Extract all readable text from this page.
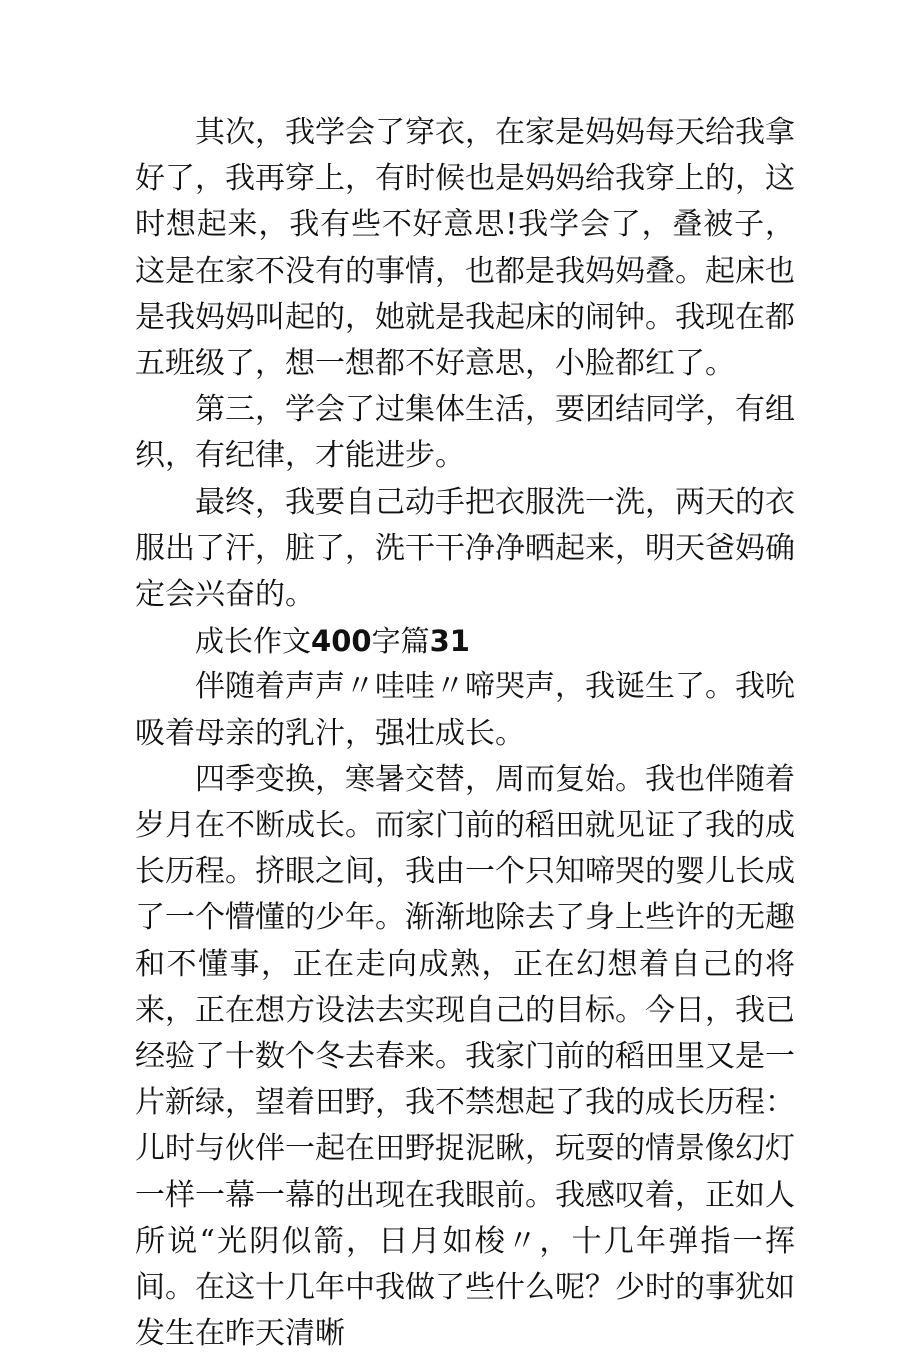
其次，我学会了穿衣，在家是妈妈每天给我拿好了，我再穿上，有时候也是妈妈给我穿上的，这时想起来，我有些不好意思!我学会了，叠被子，这是在家不没有的事情，也都是我妈妈叠。起床也是我妈妈叫起的，她就是我起床的闹钟。我现在都五班级了，想一想都不好意思，小脸都红了。

第三，学会了过集体生活，要团结同学，有组织，有纪律，才能进步。

最终，我要自己动手把衣服洗一洗，两天的衣服出了汗，脏了，洗干干净净晒起来，明天爸妈确定会兴奋的。

成长作文400字篇31

伴随着声声〃哇哇〃啼哭声，我诞生了。我吮吸着母亲的乳汁，强壮成长。

四季变换，寒暑交替，周而复始。我也伴随着岁月在不断成长。而家门前的稻田就见证了我的成长历程。挤眼之间，我由一个只知啼哭的婴儿长成了一个懵懂的少年。渐渐地除去了身上些许的无趣和不懂事，正在走向成熟，正在幻想着自己的将来，正在想方设法去实现自己的目标。今日，我已经验了十数个冬去春来。我家门前的稻田里又是一片新绿，望着田野，我不禁想起了我的成长历程：儿时与伙伴一起在田野捉泥瞅，玩耍的情景像幻灯一样一幕一幕的出现在我眼前。我感叹着，正如人所说“光阴似箭，日月如梭〃，十几年弹指一挥间。在这十几年中我做了些什么呢？少时的事犹如发生在昨天清晰
